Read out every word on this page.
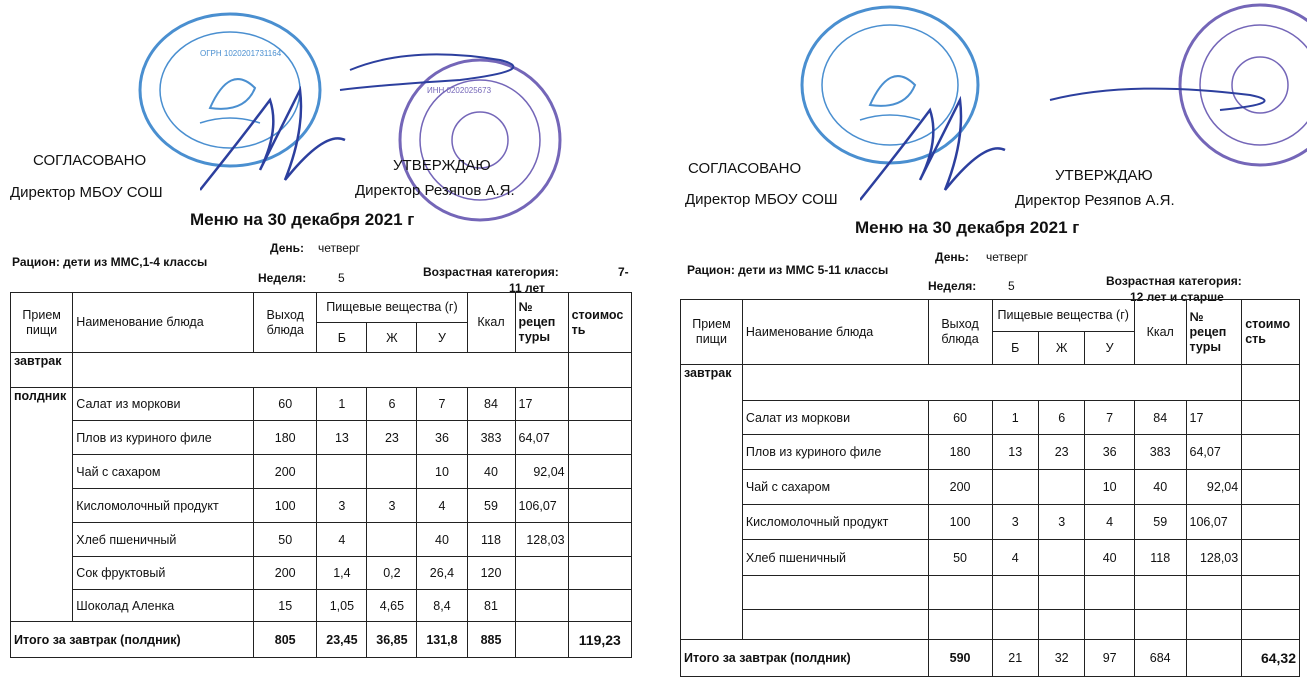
ОГРН 1020201731164
ИНН 0202025673
СОГЛАСОВАНО
Директор МБОУ СОШ
УТВЕРЖДАЮ
Директор Резяпов А.Я.
Меню на 30 декабря 2021 г
День: четверг
Рацион: дети из ММС,1-4 классы
Неделя:	5	Возрастная категория:	7-
11 лет
Прием пищи	Наименование блюда	Выход блюда	Пищевые вещества (г)			Ккал	№ рецеп туры	стоимос ть
			Б	Ж	У			
завтрак								
полдник	Салат из моркови	60	1	6	7	84	17	
	Плов из куриного филе	180	13	23	36	383	64,07	
	Чай с сахаром	200			10	40	92,04	
	Кисломолочный продукт	100	3	3	4	59	106,07	
	Хлеб пшеничный	50	4		40	118	128,03	
	Сок фруктовый	200	1,4	0,2	26,4	120		
	Шоколад Аленка	15	1,05	4,65	8,4	81		
Итого за завтрак (полдник)		805	23,45	36,85	131,8	885		119,23
СОГЛАСОВАНО
Директор МБОУ СОШ
УТВЕРЖДАЮ
Директор Резяпов А.Я.
Меню на 30 декабря 2021 г
День: четверг
Рацион: дети из ММС 5-11 классы
Неделя:	5	Возрастная категория:
12 лет и старше
Прием пищи	Наименование блюда	Выход блюда	Пищевые вещества (г)			Ккал	№ рецеп туры	стоимо сть
			Б	Ж	У			
завтрак								
	Салат из моркови	60	1	6	7	84	17	
	Плов из куриного филе	180	13	23	36	383	64,07	
	Чай с сахаром	200			10	40	92,04	
	Кисломолочный продукт	100	3	3	4	59	106,07	
	Хлеб пшеничный	50	4		40	118	128,03	

Итого за завтрак (полдник)		590	21	32	97	684		64,32
